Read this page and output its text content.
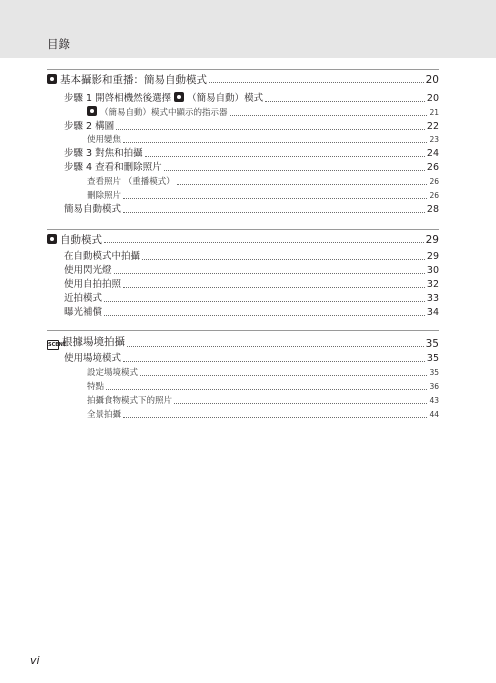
目錄
基本攝影和重播：簡易自動模式	20
步驟 1 開啓相機然後選擇 （簡易自動）模式	20
（簡易自動）模式中顯示的指示器	21
步驟 2 構圖	22
使用變焦	23
步驟 3 對焦和拍攝	24
步驟 4 查看和刪除照片	26
查看照片 （重播模式）	26
刪除照片	26
簡易自動模式	28
自動模式	29
在自動模式中拍攝	29
使用閃光燈	30
使用自拍拍照	32
近拍模式	33
曝光補償	34
SCENE根據場境拍攝	35
使用場境模式	35
設定場境模式	35
特點	36
拍攝食物模式下的照片	43
全景拍攝	44
vi
